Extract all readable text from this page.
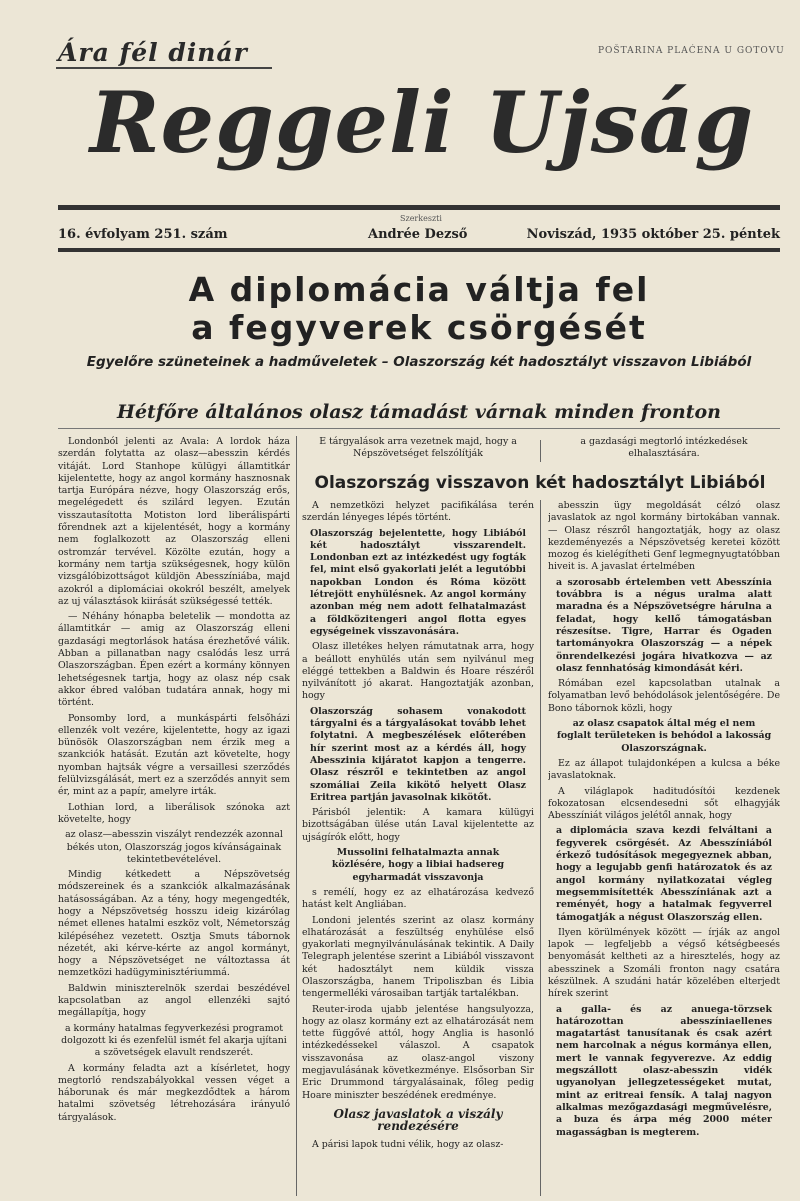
Ára fél dinár	POŠTARINA PLAĆENA U GOTOVU
Reggeli Ujság
Szerkeszti
16. évfolyam 251. szám	Andrée Dezső	Noviszád, 1935 október 25. péntek
A diplomácia váltja fel
a fegyverek csörgését
Egyelőre szüneteinek a hadműveletek – Olaszország két hadosztályt visszavon Libiából
Hétfőre általános olasz támadást várnak minden fronton

Londonból jelenti az Avala: A lordok háza szerdán folytatta az olasz—abesszin kérdés vitáját. Lord Stanhope külügyi államtitkár kijelentette, hogy az angol kormány hasznosnak tartja Európára nézve, hogy Olaszország erős, megelégedett és szilárd legyen. Ezután visszautasította Motiston lord liberálispárti főrendnek azt a kijelentését, hogy a kormány nem foglalkozott az Olaszország elleni ostromzár tervével. Közölte ezután, hogy a kormány nem tartja szükségesnek, hogy külön vizsgálóbizottságot küldjön Abesszíniába, majd azokról a diplomáciai okokról beszélt, amelyek az uj választások kiirását szükségessé tették.

— Néhány hónapba beletelik — mondotta az államtitkár — amig az Olaszország elleni gazdasági megtorlások hatása érezhetővé válik. Abban a pillanatban nagy csalódás lesz urrá Olaszországban. Épen ezért a kormány könnyen lehetségesnek tartja, hogy az olasz nép csak akkor ébred valóban tudatára annak, hogy mi történt.

Ponsomby lord, a munkáspárti felsőházi ellenzék volt vezére, kijelentette, hogy az igazi bünösök Olaszországban nem érzik meg a szankciók hatását. Ezután azt követelte, hogy nyomban hajtsák végre a versaillesi szerződés felülvizsgálását, mert ez a szerződés annyit sem ér, mint az a papír, amelyre irták.

Lothian lord, a liberálisok szónoka azt követelte, hogy

az olasz—abesszin viszályt rendezzék azonnal békés uton, Olaszország jogos kívánságainak tekintetbevételével.

Mindig kétkedett a Népszövetség módszereinek és a szankciók alkalmazásának hatásosságában. Az a tény, hogy megengedték, hogy a Népszövetség hosszu ideig kizárólag német ellenes hatalmi eszköz volt, Németország kilépéséhez vezetett. Osztja Smuts tábornok nézetét, aki kérve-kérte az angol kormányt, hogy a Népszövetséget ne változtassa át nemzetközi hadügyminisztériummá.

Baldwin miniszterelnök szerdai beszédével kapcsolatban az angol ellenzéki sajtó megállapítja, hogy

a kormány hatalmas fegyverkezési programot dolgozott ki és ezenfelül ismét fel akarja ujítani a szövetségek elavult rendszerét.

A kormány feladta azt a kísérletet, hogy megtorló rendszabályokkal vessen véget a háborunak és már megkezdődtek a három hatalmi szövetség létrehozására irányuló tárgyalások.

E tárgyalások arra vezetnek majd, hogy a Népszövetséget felszólítják

a gazdasági megtorló intézkedések elhalasztására.

Olaszország visszavon két hadosztályt Libiából

A nemzetközi helyzet pacifikálása terén szerdán lényeges lépés történt.

Olaszország bejelentette, hogy Libiából két hadosztályt visszarendelt. Londonban ezt az intézkedést ugy fogták fel, mint első gyakorlati jelét a legutóbbi napokban London és Róma között létrejött enyhülésnek. Az angol kormány azonban még nem adott felhatalmazást a földközitengeri angol flotta egyes egységeinek visszavonására.

Olasz illetékes helyen rámutatnak arra, hogy a beállott enyhülés után sem nyilvánul meg eléggé tettekben a Baldwin és Hoare részéről nyilvánított jó akarat. Hangoztatják azonban, hogy

Olaszország sohasem vonakodott tárgyalni és a tárgyalásokat tovább lehet folytatni. A megbeszélések előterében hír szerint most az a kérdés áll, hogy Abesszinia kijáratot kapjon a tengerre. Olasz részről e tekintetben az angol szomáliai Zeila kikötő helyett Olasz Eritrea partján javasolnak kikötőt.

Párisból jelentik: A kamara külügyi bizottságában ülése után Laval kijelentette az ujságírók előtt, hogy

Mussolini felhatalmazta annak közlésére, hogy a libiai hadsereg egyharmadát visszavonja

s remélí, hogy ez az elhatározása kedvező hatást kelt Angliában.

Londoni jelentés szerint az olasz kormány elhatározását a feszültség enyhülése első gyakorlati megnyilvánulásának tekintik. A Daily Telegraph jelentése szerint a Libiából visszavont két hadosztályt nem küldik vissza Olaszországba, hanem Tripoliszban és Libia tengermelléki városaiban tartják tartalékban.

Reuter-iroda ujabb jelentése hangsulyozza, hogy az olasz kormány ezt az elhatározását nem tette függővé attól, hogy Anglia is hasonló intézkedéssekel válaszol. A csapatok visszavonása az olasz-angol viszony megjavulásának következménye. Elsősorban Sir Eric Drummond tárgyalásainak, főleg pedig Hoare miniszter beszédének eredménye.

Olasz javaslatok a viszály rendezésére

A párisi lapok tudni vélik, hogy az olasz-

abesszin ügy megoldását célzó olasz javaslatok az ngol kormány birtokában vannak. — Olasz részről hangoztatják, hogy az olasz kezdeményezés a Népszövetség keretei között mozog és kielégítheti Genf legmegnyugtatóbban hiveit is. A javaslat értelmében

a szorosabb értelemben vett Abesszínia továbbra is a négus uralma alatt maradna és a Népszövetségre hárulna a feladat, hogy kellő támogatásban részesítse. Tigre, Harrar és Ogaden tartományokra Olaszország — a népek önrendelkezési jogára hivatkozva — az olasz fennhatóság kimondását kéri.

Rómában ezel kapcsolatban utalnak a folyamatban levő behódolások jelentőségére. De Bono tábornok közli, hogy

az olasz csapatok által még el nem foglalt területeken is behódol a lakosság Olaszországnak.

Ez az állapot tulajdonképen a kulcsa a béke javaslatoknak.

A világlapok haditudósítói kezdenek fokozatosan elcsendesedni sőt elhagyják Abesszíniát világos jelétől annak, hogy

a diplomácia szava kezdi felváltani a fegyverek csörgését. Az Abesszíniából érkező tudósítások megegyeznek abban, hogy a legujabb genfi határozatok és az angol kormány nyilatkozatai végleg megsemmisítették Abesszíniának azt a reményét, hogy a hatalmak fegyverrel támogatják a négust Olaszország ellen.

Ilyen körülmények között — írják az angol lapok — legfeljebb a végső kétségbeesés benyomását keltheti az a hiresztelés, hogy az abesszinek a Szomáli fronton nagy csatára készülnek. A szudáni határ közelében elterjedt hírek szerint

a galla- és az anuega-törzsek határozottan abesszíniaellenes magatartást tanusítanak és csak azért nem harcolnak a négus kormánya ellen, mert le vannak fegyverezve. Az eddig megszállott olasz-abesszin vidék ugyanolyan jellegzetességeket mutat, mint az eritreai fensík. A talaj nagyon alkalmas mezőgazdasági megművelésre, a buza és árpa még 2000 méter magasságban is megterem.
